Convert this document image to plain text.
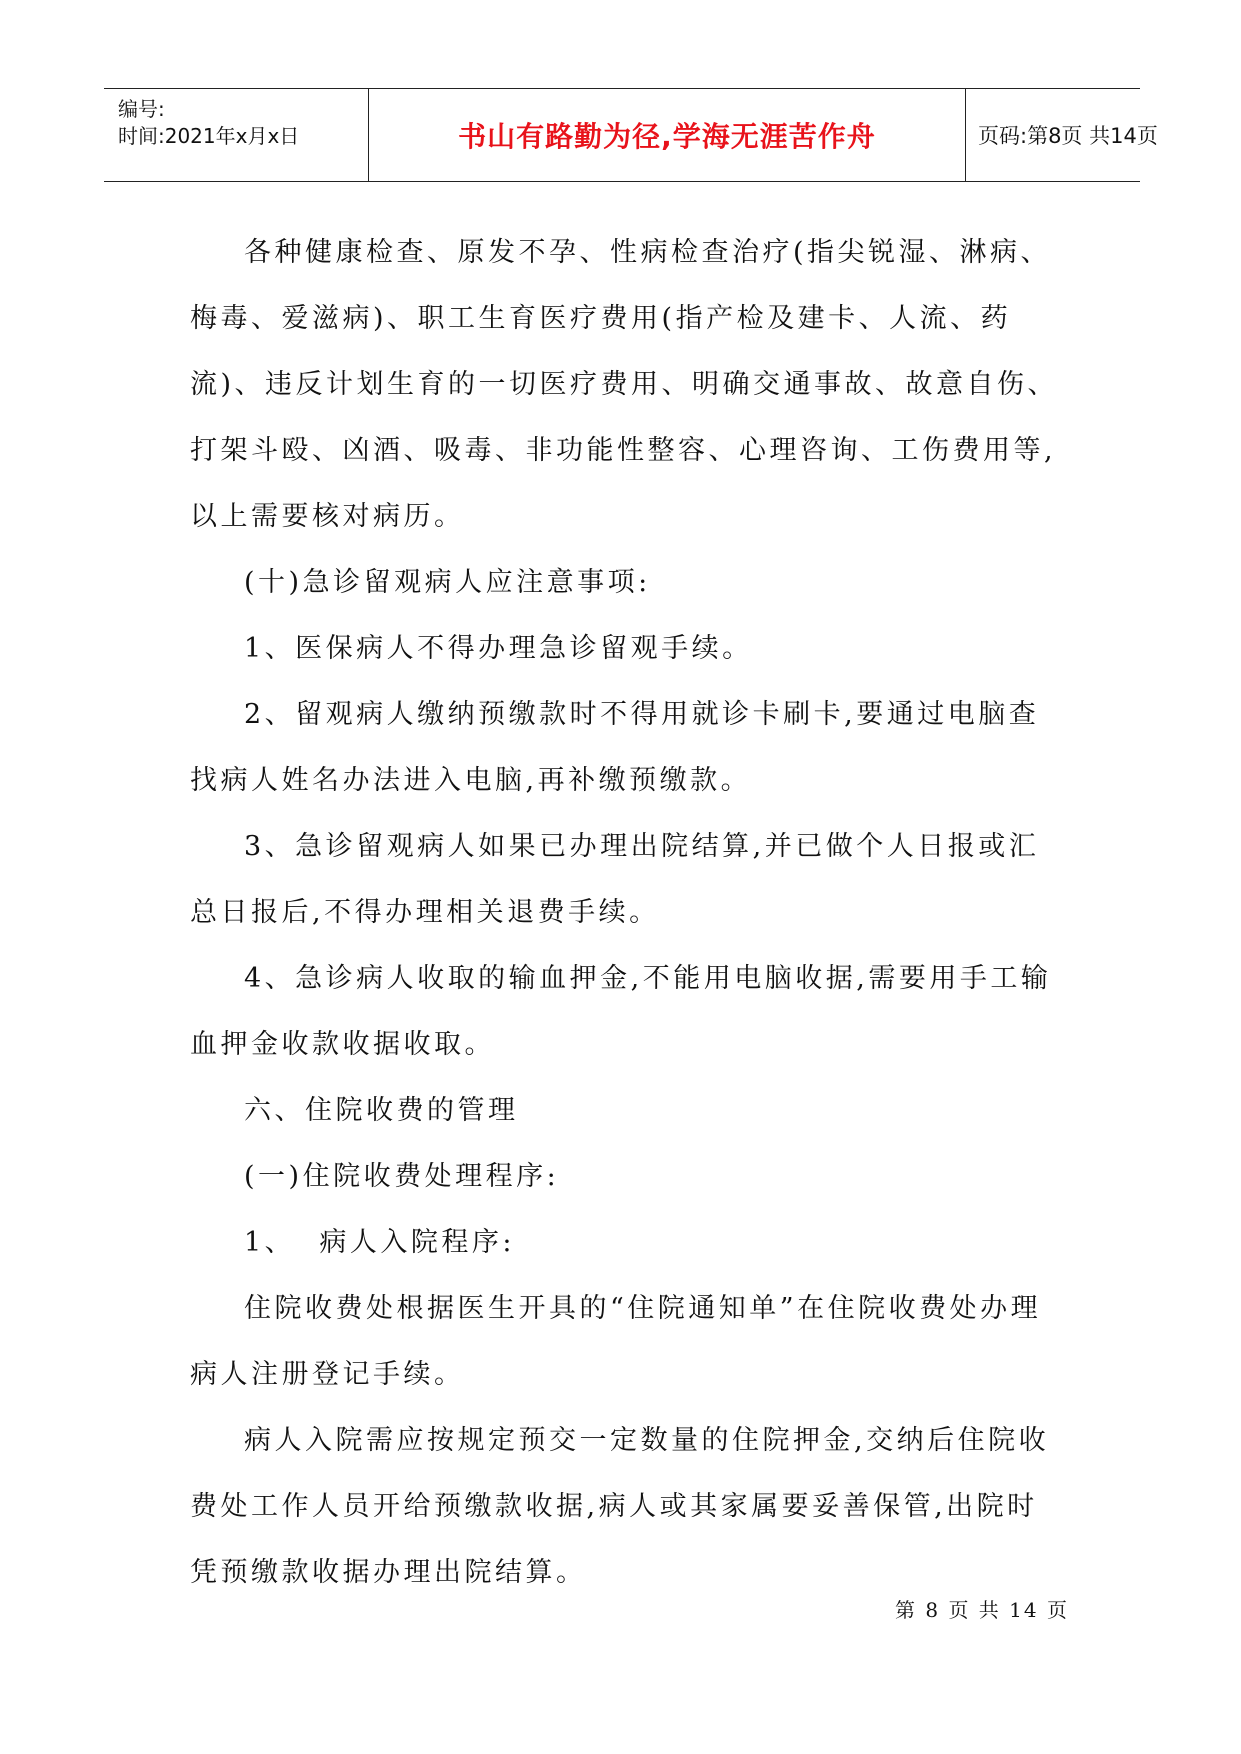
编号:
时间:2021年x月x日	书山有路勤为径,学海无涯苦作舟	页码:第8页 共14页

各种健康检查、原发不孕、性病检查治疗(指尖锐湿、淋病、梅毒、爱滋病)、职工生育医疗费用(指产检及建卡、人流、药流)、违反计划生育的一切医疗费用、明确交通事故、故意自伤、打架斗殴、凶酒、吸毒、非功能性整容、心理咨询、工伤费用等,以上需要核对病历。

(十)急诊留观病人应注意事项:

1、医保病人不得办理急诊留观手续。

2、留观病人缴纳预缴款时不得用就诊卡刷卡,要通过电脑查找病人姓名办法进入电脑,再补缴预缴款。

3、急诊留观病人如果已办理出院结算,并已做个人日报或汇总日报后,不得办理相关退费手续。

4、急诊病人收取的输血押金,不能用电脑收据,需要用手工输血押金收款收据收取。

六、住院收费的管理

(一)住院收费处理程序:

1、  病人入院程序:

住院收费处根据医生开具的“住院通知单”在住院收费处办理病人注册登记手续。

病人入院需应按规定预交一定数量的住院押金,交纳后住院收费处工作人员开给预缴款收据,病人或其家属要妥善保管,出院时凭预缴款收据办理出院结算。

第 8 页 共 14 页
